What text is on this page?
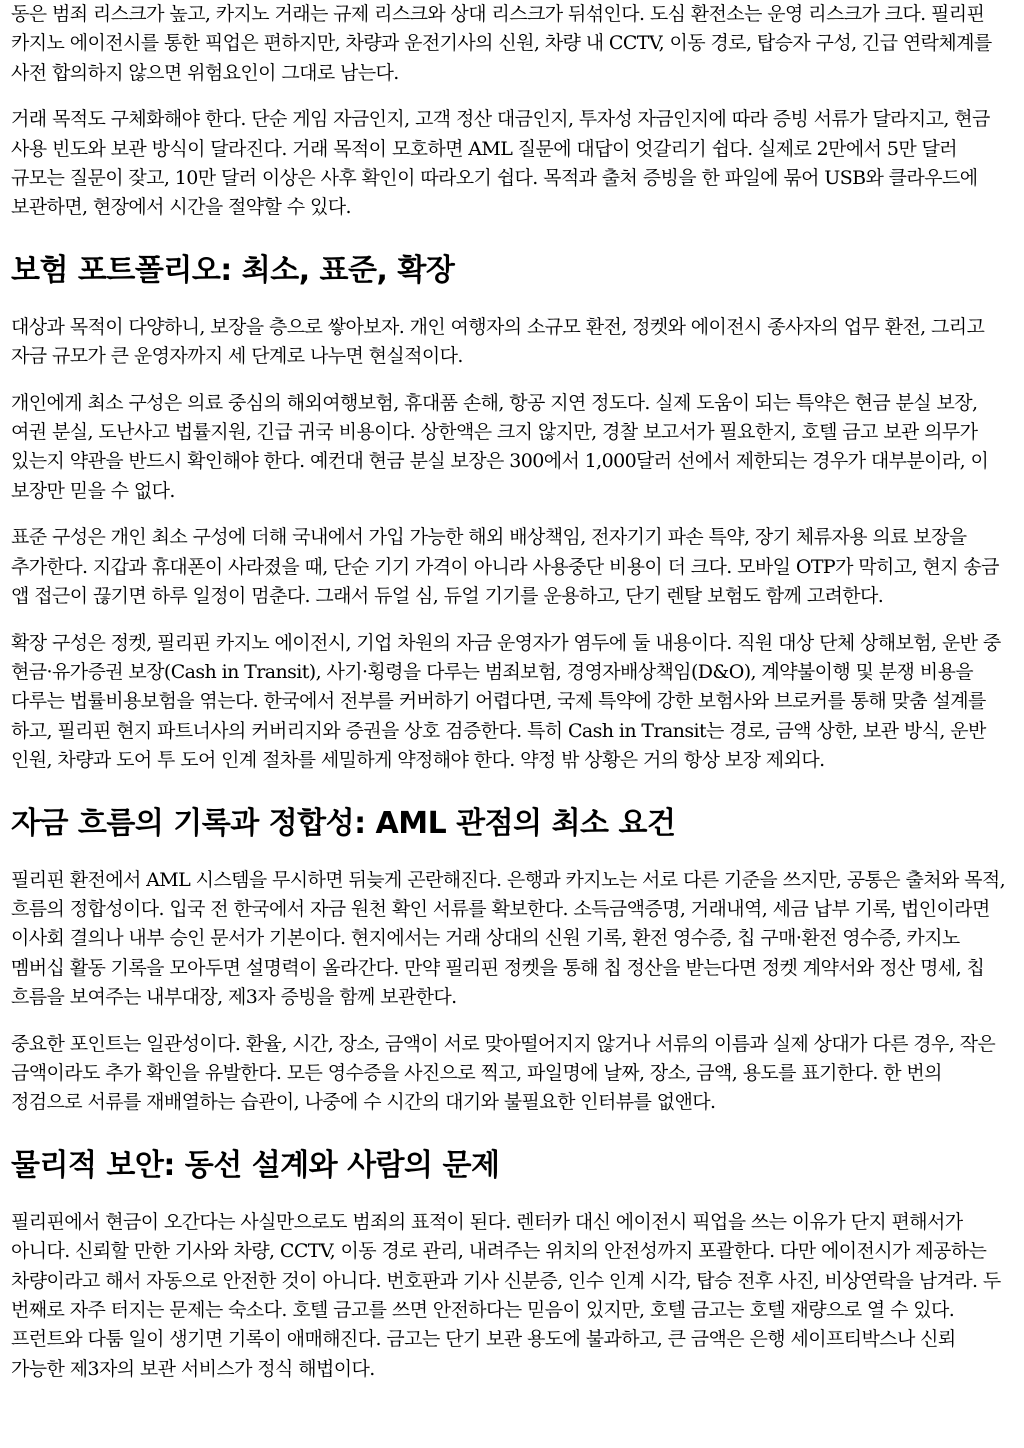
동은 범죄 리스크가 높고, 카지노 거래는 규제 리스크와 상대 리스크가 뒤섞인다. 도심 환전소는 운영 리스크가 크다. 필리핀 카지노 에이전시를 통한 픽업은 편하지만, 차량과 운전기사의 신원, 차량 내 CCTV, 이동 경로, 탑승자 구성, 긴급 연락체계를 사전 합의하지 않으면 위험요인이 그대로 남는다.

거래 목적도 구체화해야 한다. 단순 게임 자금인지, 고객 정산 대금인지, 투자성 자금인지에 따라 증빙 서류가 달라지고, 현금 사용 빈도와 보관 방식이 달라진다. 거래 목적이 모호하면 AML 질문에 대답이 엇갈리기 쉽다. 실제로 2만에서 5만 달러 규모는 질문이 잦고, 10만 달러 이상은 사후 확인이 따라오기 쉽다. 목적과 출처 증빙을 한 파일에 묶어 USB와 클라우드에 보관하면, 현장에서 시간을 절약할 수 있다.

보험 포트폴리오: 최소, 표준, 확장

대상과 목적이 다양하니, 보장을 층으로 쌓아보자. 개인 여행자의 소규모 환전, 정켓와 에이전시 종사자의 업무 환전, 그리고 자금 규모가 큰 운영자까지 세 단계로 나누면 현실적이다.

개인에게 최소 구성은 의료 중심의 해외여행보험, 휴대품 손해, 항공 지연 정도다. 실제 도움이 되는 특약은 현금 분실 보장, 여권 분실, 도난사고 법률지원, 긴급 귀국 비용이다. 상한액은 크지 않지만, 경찰 보고서가 필요한지, 호텔 금고 보관 의무가 있는지 약관을 반드시 확인해야 한다. 예컨대 현금 분실 보장은 300에서 1,000달러 선에서 제한되는 경우가 대부분이라, 이 보장만 믿을 수 없다.

표준 구성은 개인 최소 구성에 더해 국내에서 가입 가능한 해외 배상책임, 전자기기 파손 특약, 장기 체류자용 의료 보장을 추가한다. 지갑과 휴대폰이 사라졌을 때, 단순 기기 가격이 아니라 사용중단 비용이 더 크다. 모바일 OTP가 막히고, 현지 송금 앱 접근이 끊기면 하루 일정이 멈춘다. 그래서 듀얼 심, 듀얼 기기를 운용하고, 단기 렌탈 보험도 함께 고려한다.

확장 구성은 정켓, 필리핀 카지노 에이전시, 기업 차원의 자금 운영자가 염두에 둘 내용이다. 직원 대상 단체 상해보험, 운반 중 현금·유가증권 보장(Cash in Transit), 사기·횡령을 다루는 범죄보험, 경영자배상책임(D&O), 계약불이행 및 분쟁 비용을 다루는 법률비용보험을 엮는다. 한국에서 전부를 커버하기 어렵다면, 국제 특약에 강한 보험사와 브로커를 통해 맞춤 설계를 하고, 필리핀 현지 파트너사의 커버리지와 증권을 상호 검증한다. 특히 Cash in Transit는 경로, 금액 상한, 보관 방식, 운반 인원, 차량과 도어 투 도어 인계 절차를 세밀하게 약정해야 한다. 약정 밖 상황은 거의 항상 보장 제외다.

자금 흐름의 기록과 정합성: AML 관점의 최소 요건

필리핀 환전에서 AML 시스템을 무시하면 뒤늦게 곤란해진다. 은행과 카지노는 서로 다른 기준을 쓰지만, 공통은 출처와 목적, 흐름의 정합성이다. 입국 전 한국에서 자금 원천 확인 서류를 확보한다. 소득금액증명, 거래내역, 세금 납부 기록, 법인이라면 이사회 결의나 내부 승인 문서가 기본이다. 현지에서는 거래 상대의 신원 기록, 환전 영수증, 칩 구매·환전 영수증, 카지노 멤버십 활동 기록을 모아두면 설명력이 올라간다. 만약 필리핀 정켓을 통해 칩 정산을 받는다면 정켓 계약서와 정산 명세, 칩 흐름을 보여주는 내부대장, 제3자 증빙을 함께 보관한다.

중요한 포인트는 일관성이다. 환율, 시간, 장소, 금액이 서로 맞아떨어지지 않거나 서류의 이름과 실제 상대가 다른 경우, 작은 금액이라도 추가 확인을 유발한다. 모든 영수증을 사진으로 찍고, 파일명에 날짜, 장소, 금액, 용도를 표기한다. 한 번의 정검으로 서류를 재배열하는 습관이, 나중에 수 시간의 대기와 불필요한 인터뷰를 없앤다.

물리적 보안: 동선 설계와 사람의 문제

필리핀에서 현금이 오간다는 사실만으로도 범죄의 표적이 된다. 렌터카 대신 에이전시 픽업을 쓰는 이유가 단지 편해서가 아니다. 신뢰할 만한 기사와 차량, CCTV, 이동 경로 관리, 내려주는 위치의 안전성까지 포괄한다. 다만 에이전시가 제공하는 차량이라고 해서 자동으로 안전한 것이 아니다. 번호판과 기사 신분증, 인수 인계 시각, 탑승 전후 사진, 비상연락을 남겨라. 두 번째로 자주 터지는 문제는 숙소다. 호텔 금고를 쓰면 안전하다는 믿음이 있지만, 호텔 금고는 호텔 재량으로 열 수 있다. 프런트와 다툼 일이 생기면 기록이 애매해진다. 금고는 단기 보관 용도에 불과하고, 큰 금액은 은행 세이프티박스나 신뢰 가능한 제3자의 보관 서비스가 정식 해법이다.
